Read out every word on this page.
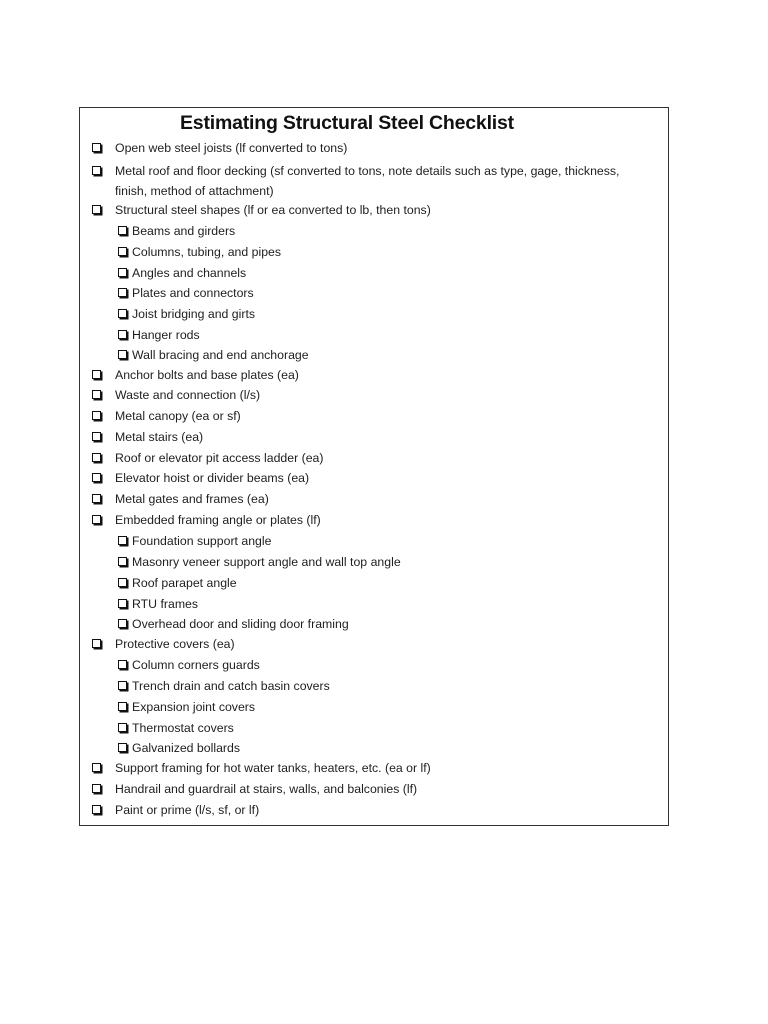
Estimating Structural Steel Checklist
Open web steel joists (lf converted to tons)
Metal roof and floor decking (sf converted to tons, note details such as type, gage, thickness,
finish, method of attachment)
Structural steel shapes (lf or ea converted to lb, then tons)
Beams and girders
Columns, tubing, and pipes
Angles and channels
Plates and connectors
Joist bridging and girts
Hanger rods
Wall bracing and end anchorage
Anchor bolts and base plates (ea)
Waste and connection (l/s)
Metal canopy (ea or sf)
Metal stairs (ea)
Roof or elevator pit access ladder (ea)
Elevator hoist or divider beams (ea)
Metal gates and frames (ea)
Embedded framing angle or plates (lf)
Foundation support angle
Masonry veneer support angle and wall top angle
Roof parapet angle
RTU frames
Overhead door and sliding door framing
Protective covers (ea)
Column corners guards
Trench drain and catch basin covers
Expansion joint covers
Thermostat covers
Galvanized bollards
Support framing for hot water tanks, heaters, etc. (ea or lf)
Handrail and guardrail at stairs, walls, and balconies (lf)
Paint or prime (l/s, sf, or lf)
